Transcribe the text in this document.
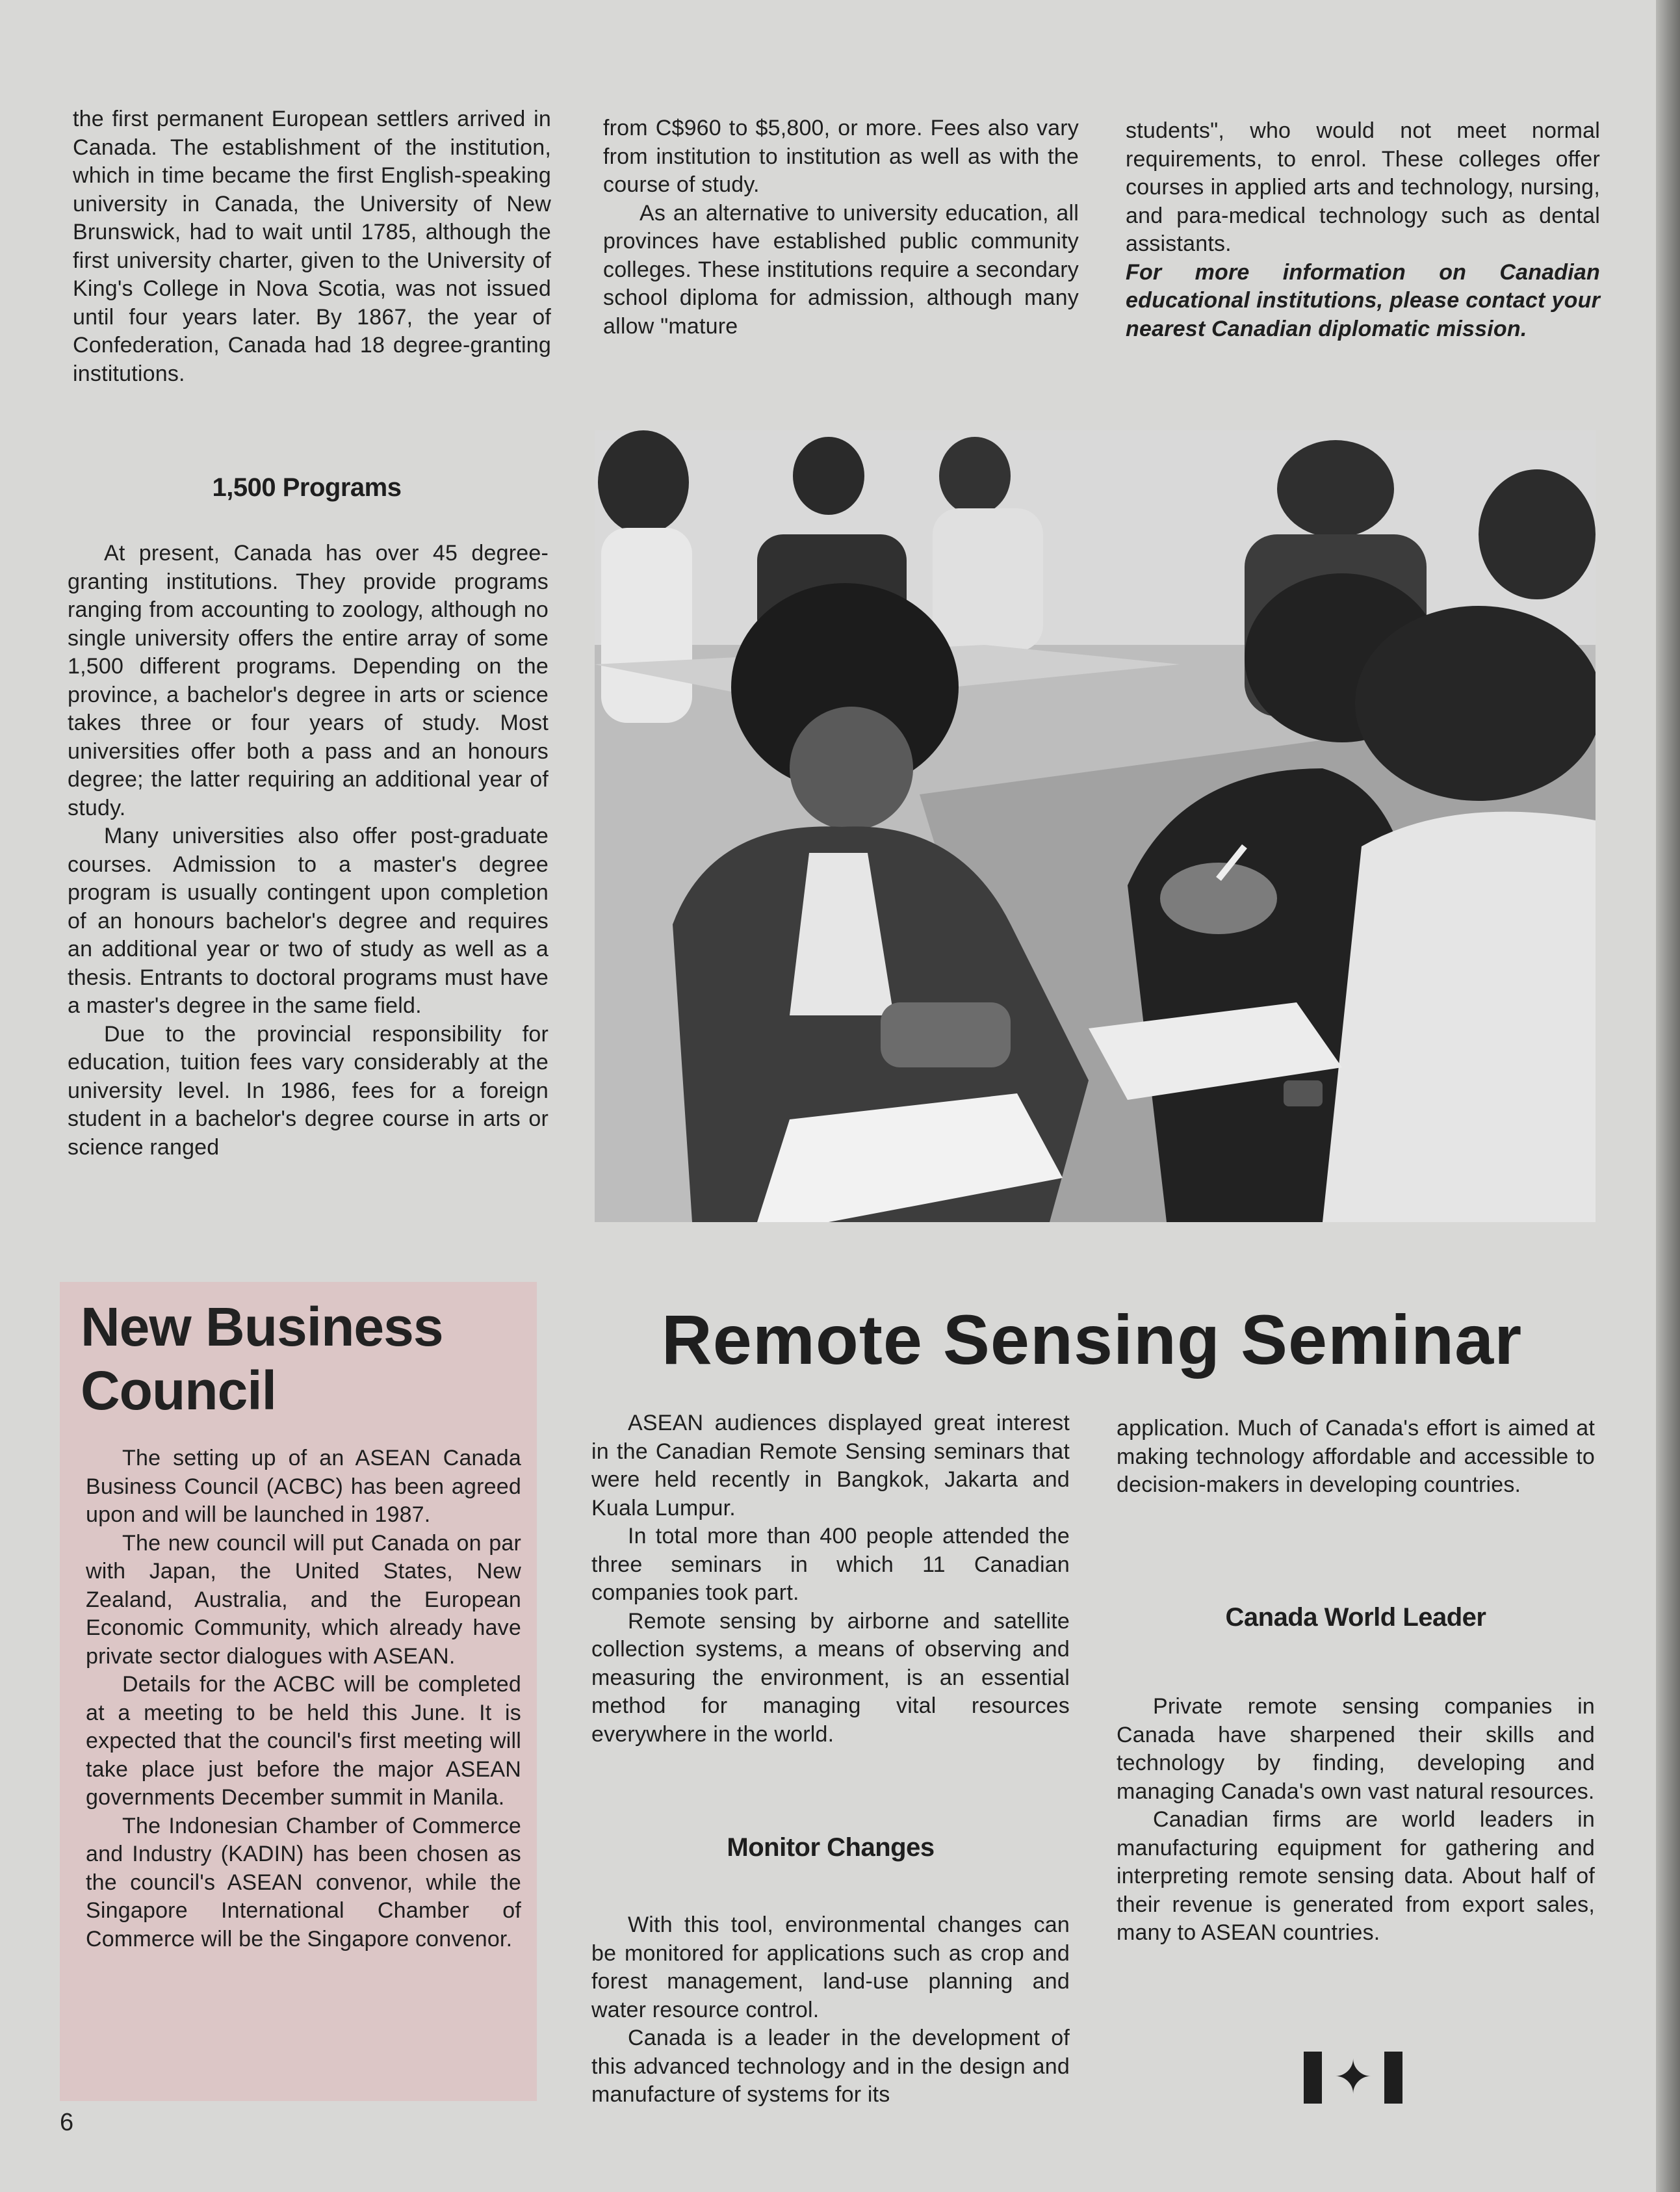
the first permanent European settlers arrived in Canada. The establishment of the institution, which in time became the first English-speaking university in Canada, the University of New Brunswick, had to wait until 1785, although the first university charter, given to the University of King's College in Nova Scotia, was not issued until four years later. By 1867, the year of Confederation, Canada had 18 degree-granting institutions.

from C$960 to $5,800, or more. Fees also vary from institution to institution as well as with the course of study.

As an alternative to university education, all provinces have established public community colleges. These institutions require a secondary school diploma for admission, although many allow "mature

students", who would not meet normal requirements, to enrol. These colleges offer courses in applied arts and technology, nursing, and para-medical technology such as dental assistants.

For more information on Canadian educational institutions, please contact your nearest Canadian diplomatic mission.

1,500 Programs

At present, Canada has over 45 degree-granting institutions. They provide programs ranging from accounting to zoology, although no single university offers the entire array of some 1,500 different programs. Depending on the province, a bachelor's degree in arts or science takes three or four years of study. Most universities offer both a pass and an honours degree; the latter requiring an additional year of study.

Many universities also offer post-graduate courses. Admission to a master's degree program is usually contingent upon completion of an honours bachelor's degree and requires an additional year or two of study as well as a thesis. Entrants to doctoral programs must have a master's degree in the same field.

Due to the provincial responsibility for education, tuition fees vary considerably at the university level. In 1986, fees for a foreign student in a bachelor's degree course in arts or science ranged

New Business Council

The setting up of an ASEAN Canada Business Council (ACBC) has been agreed upon and will be launched in 1987.

The new council will put Canada on par with Japan, the United States, New Zealand, Australia, and the European Economic Community, which already have private sector dialogues with ASEAN.

Details for the ACBC will be completed at a meeting to be held this June. It is expected that the council's first meeting will take place just before the major ASEAN governments December summit in Manila.

The Indonesian Chamber of Commerce and Industry (KADIN) has been chosen as the council's ASEAN convenor, while the Singapore International Chamber of Commerce will be the Singapore convenor.

Remote Sensing Seminar

ASEAN audiences displayed great interest in the Canadian Remote Sensing seminars that were held recently in Bangkok, Jakarta and Kuala Lumpur.

In total more than 400 people attended the three seminars in which 11 Canadian companies took part.

Remote sensing by airborne and satellite collection systems, a means of observing and measuring the environment, is an essential method for managing vital resources everywhere in the world.

Monitor Changes

With this tool, environmental changes can be monitored for applications such as crop and forest management, land-use planning and water resource control.

Canada is a leader in the development of this advanced technology and in the design and manufacture of systems for its

application. Much of Canada's effort is aimed at making technology affordable and accessible to decision-makers in developing countries.

Canada World Leader

Private remote sensing companies in Canada have sharpened their skills and technology by finding, developing and managing Canada's own vast natural resources.

Canadian firms are world leaders in manufacturing equipment for gathering and interpreting remote sensing data. About half of their revenue is generated from export sales, many to ASEAN countries.

✦
6
